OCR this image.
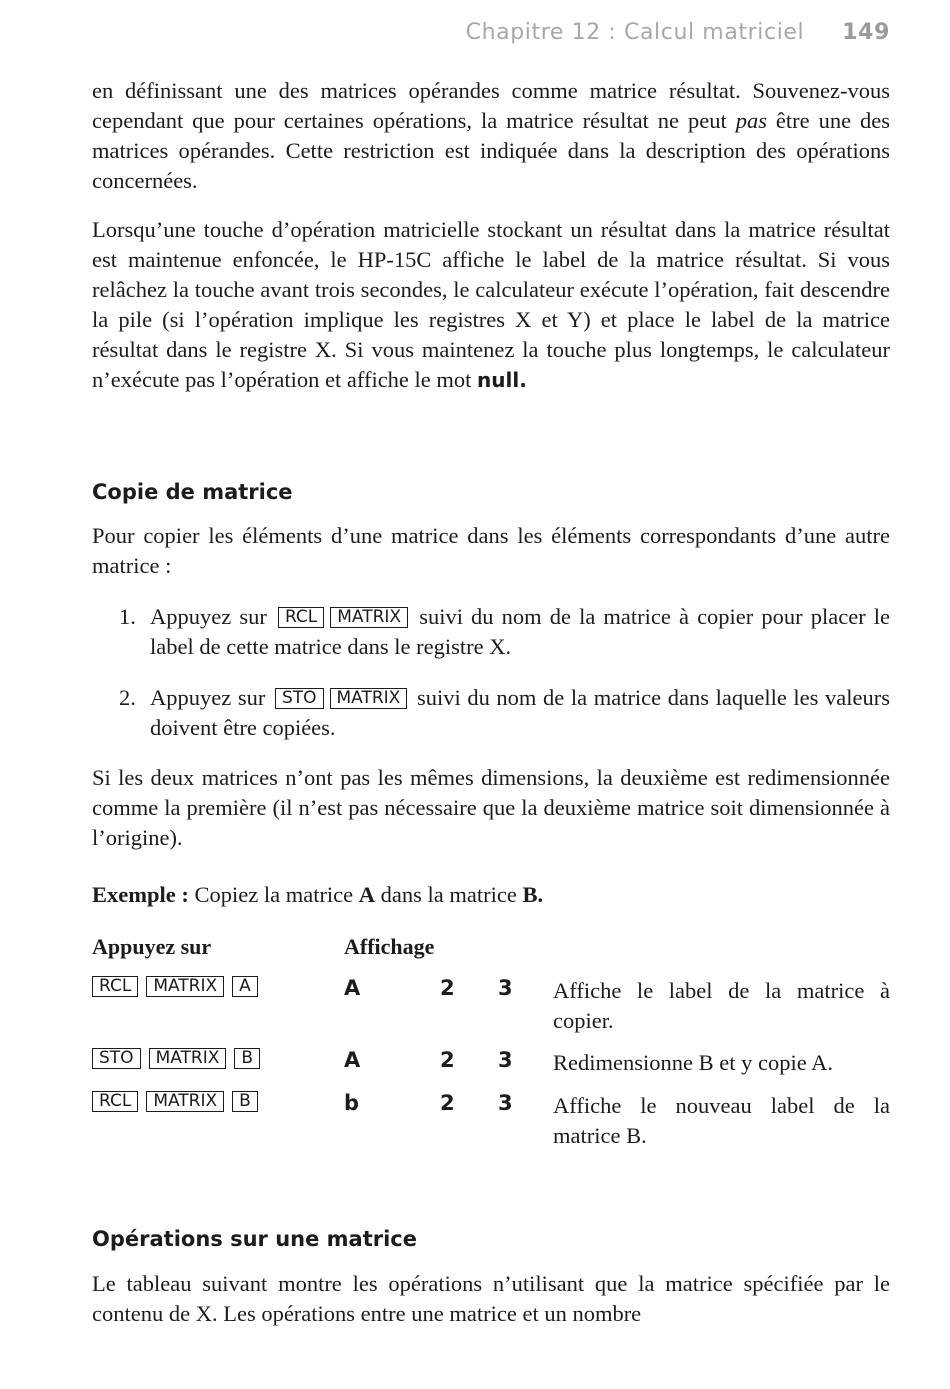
Chapitre 12 : Calcul matriciel 149

en définissant une des matrices opérandes comme matrice résultat. Souvenez-vous cependant que pour certaines opérations, la matrice résultat ne peut pas être une des matrices opérandes. Cette restriction est indiquée dans la description des opérations concernées.

Lorsqu’une touche d’opération matricielle stockant un résultat dans la matrice résultat est maintenue enfoncée, le HP-15C affiche le label de la matrice résultat. Si vous relâchez la touche avant trois secondes, le calculateur exécute l’opération, fait descendre la pile (si l’opération implique les registres X et Y) et place le label de la matrice résultat dans le registre X. Si vous maintenez la touche plus longtemps, le calculateur n’exécute pas l’opération et affiche le mot null.

Copie de matrice

Pour copier les éléments d’une matrice dans les éléments correspondants d’une autre matrice :

1. Appuyez sur RCL MATRIX suivi du nom de la matrice à copier pour placer le label de cette matrice dans le registre X.
2. Appuyez sur STO MATRIX suivi du nom de la matrice dans laquelle les valeurs doivent être copiées.

Si les deux matrices n’ont pas les mêmes dimensions, la deuxième est redimensionnée comme la première (il n’est pas nécessaire que la deuxième matrice soit dimensionnée à l’origine).

Exemple : Copiez la matrice A dans la matrice B.
Appuyez sur	Affichage
RCL MATRIX A	A	2 3 Affiche le label de la matrice à copier.
STO MATRIX B	A	2 3 Redimensionne B et y copie A.
RCL MATRIX B	b	2 3 Affiche le nouveau label de la matrice B.
Opérations sur une matrice

Le tableau suivant montre les opérations n’utilisant que la matrice spécifiée par le contenu de X. Les opérations entre une matrice et un nombre
